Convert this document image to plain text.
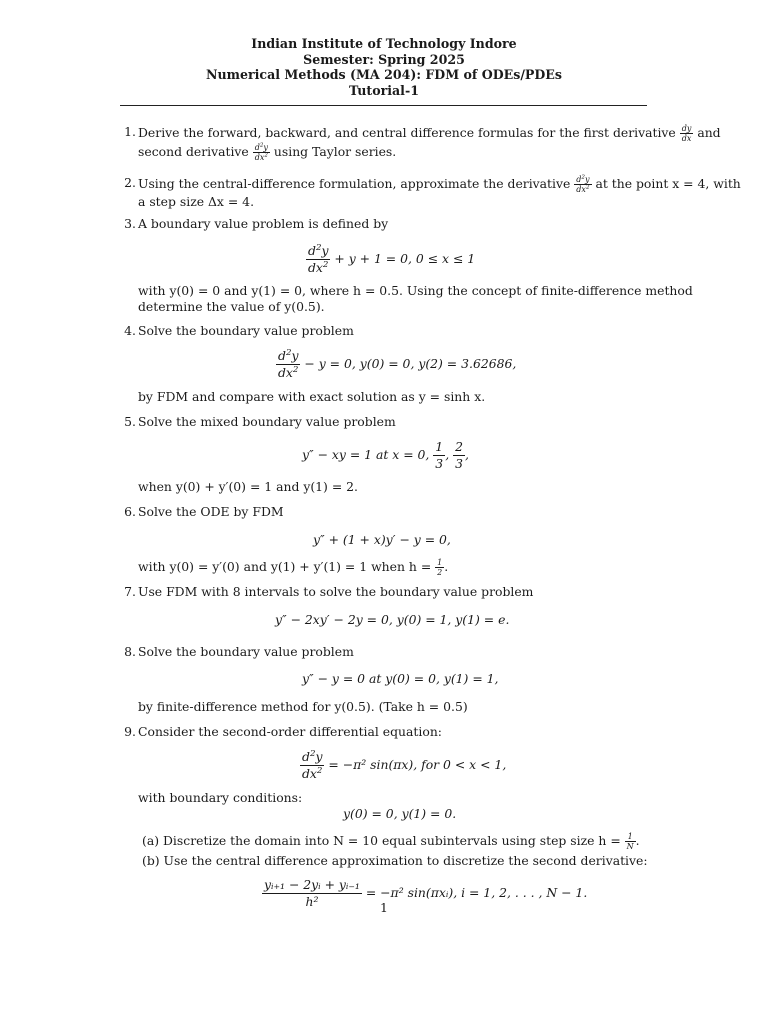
Indian Institute of Technology Indore
Semester: Spring 2025
Numerical Methods (MA 204): FDM of ODEs/PDEs
Tutorial-1
1. Derive the forward, backward, and central difference formulas for the first derivative $\frac{dy}{dx}$ and
second derivative $\frac{d^2y}{dx^2}$ using Taylor series.
2. Using the central-difference formulation, approximate the derivative $\frac{d^2y}{dx^2}$ at the point x = 4, with
a step size Δx = 4.
3. A boundary value problem is defined by
$\frac{d^2y}{dx^2} + y + 1 = 0$, 0 ≤ x ≤ 1
with y(0) = 0 and y(1) = 0, where h = 0.5. Using the concept of finite-difference method
determine the value of y(0.5).
4. Solve the boundary value problem
$\frac{d^2y}{dx^2} - y = 0$, y(0) = 0, y(2) = 3.62686,
by FDM and compare with exact solution as y = sinh x.
5. Solve the mixed boundary value problem
y″ − xy = 1 at x = 0, $\frac{1}{3}$ , $\frac{2}{3}$ ,
when y(0) + y′(0) = 1 and y(1) = 2.
6. Solve the ODE by FDM
y″ + (1 + x)y′ − y = 0,
with y(0) = y′(0) and y(1) + y′(1) = 1 when $h = \frac{1}{2}$ .
7. Use FDM with 8 intervals to solve the boundary value problem
y″ − 2xy′ − 2y = 0, y(0) = 1, y(1) = e.
8. Solve the boundary value problem
y″ − y = 0 at y(0) = 0, y(1) = 1,
by finite-difference method for y(0.5). (Take h = 0.5)
9. Consider the second-order differential equation:
$\frac{d^2y}{dx^2} = -\pi^2$ sin(πx), for 0 < x < 1,
with boundary conditions:
y(0) = 0, y(1) = 0.
(a) Discretize the domain into N = 10 equal subintervals using step size $h = \frac{1}{N}$ .
(b) Use the central difference approximation to discretize the second derivative:
$\frac{\text{yᵢ₊₁ − 2yᵢ + yᵢ₋₁}}{\text{h²}} = -\pi^2$ sin(πxᵢ), i = 1, 2, . . . , N − 1.
1
